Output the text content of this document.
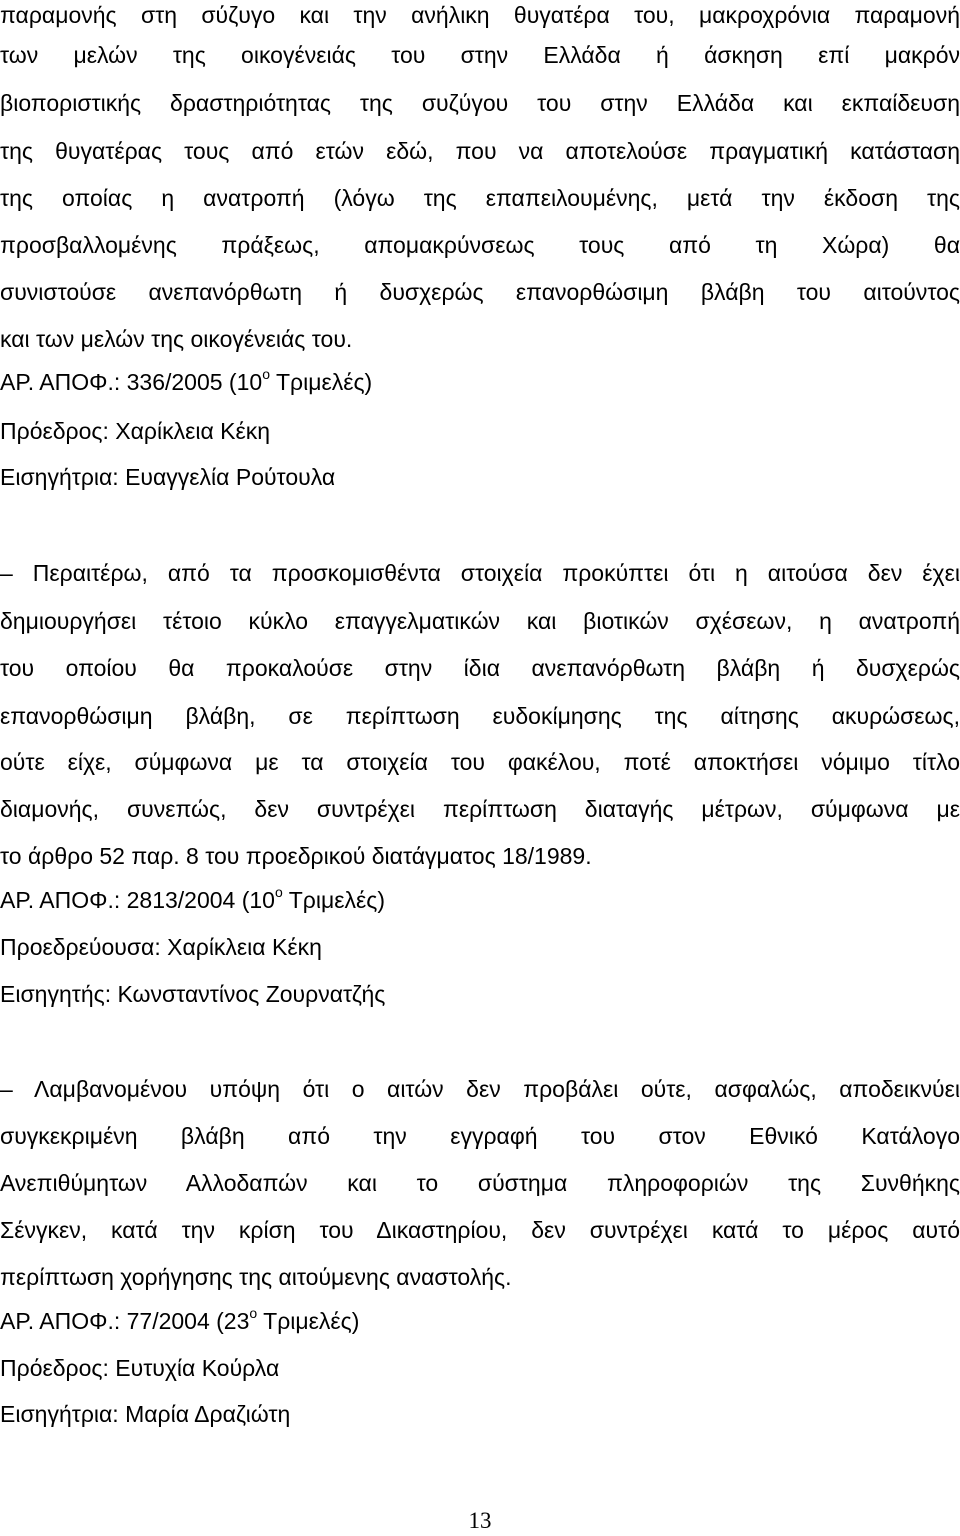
παραμονής στη σύζυγο και την ανήλικη θυγατέρα του, μακροχρόνια παραμονή
των μελών της οικογένειάς του στην Ελλάδα ή άσκηση επί μακρόν
βιοποριστικής δραστηριότητας της συζύγου του στην Ελλάδα και εκπαίδευση
της θυγατέρας τους από ετών εδώ, που να αποτελούσε πραγματική κατάσταση
της οποίας η ανατροπή (λόγω της επαπειλουμένης, μετά την έκδοση της
προσβαλλομένης πράξεως, απομακρύνσεως τους από τη Χώρα) θα
συνιστούσε ανεπανόρθωτη ή δυσχερώς επανορθώσιμη βλάβη του αιτούντος
και των μελών της οικογένειάς του.
ΑΡ. ΑΠΟΦ.: 336/2005 ($10^o$ Τριμελές)
Πρόεδρος: Χαρίκλεια Κέκη
Εισηγήτρια: Ευαγγελία Ρούτουλα
– Περαιτέρω, από τα προσκομισθέντα στοιχεία προκύπτει ότι η αιτούσα δεν έχει
δημιουργήσει τέτοιο κύκλο επαγγελματικών και βιοτικών σχέσεων, η ανατροπή
του οποίου θα προκαλούσε στην ίδια ανεπανόρθωτη βλάβη ή δυσχερώς
επανορθώσιμη βλάβη, σε περίπτωση ευδοκίμησης της αίτησης ακυρώσεως,
ούτε είχε, σύμφωνα με τα στοιχεία του φακέλου, ποτέ αποκτήσει νόμιμο τίτλο
διαμονής, συνεπώς, δεν συντρέχει περίπτωση διαταγής μέτρων, σύμφωνα με
το άρθρο 52 παρ. 8 του προεδρικού διατάγματος 18/1989.
ΑΡ. ΑΠΟΦ.: 2813/2004 ($10^o$ Τριμελές)
Προεδρεύουσα: Χαρίκλεια Κέκη
Εισηγητής: Κωνσταντίνος Ζουρνατζής
– Λαμβανομένου υπόψη ότι ο αιτών δεν προβάλει ούτε, ασφαλώς, αποδεικνύει
συγκεκριμένη βλάβη από την εγγραφή του στον Εθνικό Κατάλογο
Ανεπιθύμητων Αλλοδαπών και το σύστημα πληροφοριών της Συνθήκης
Σένγκεν, κατά την κρίση του Δικαστηρίου, δεν συντρέχει κατά το μέρος αυτό
περίπτωση χορήγησης της αιτούμενης αναστολής.
ΑΡ. ΑΠΟΦ.: 77/2004 ($23^o$ Τριμελές)
Πρόεδρος: Ευτυχία Κούρλα
Εισηγήτρια: Μαρία Δραζιώτη
13
